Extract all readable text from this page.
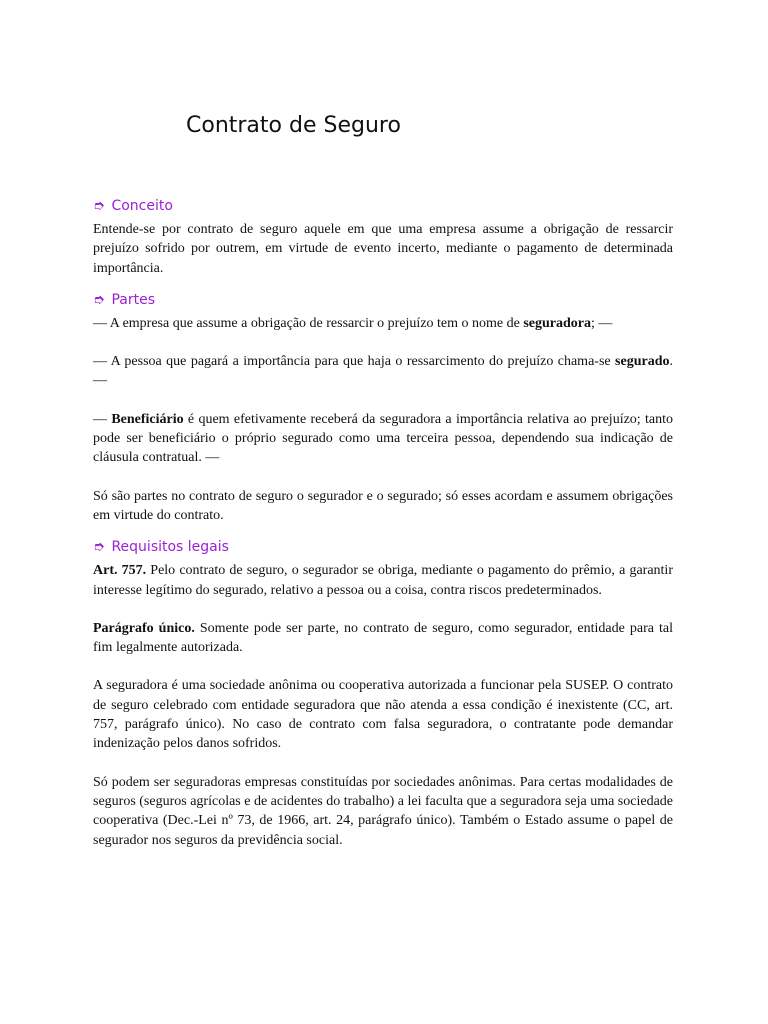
Contrato de Seguro
➮ Conceito

Entende-se por contrato de seguro aquele em que uma empresa assume a obrigação de ressarcir prejuízo sofrido por outrem, em virtude de evento incerto, mediante o pagamento de determinada importância.

➮ Partes

— A empresa que assume a obrigação de ressarcir o prejuízo tem o nome de seguradora; —

— A pessoa que pagará a importância para que haja o ressarcimento do prejuízo chama-se segurado. —

— Beneficiário é quem efetivamente receberá da seguradora a importância relativa ao prejuízo; tanto pode ser beneficiário o próprio segurado como uma terceira pessoa, dependendo sua indicação de cláusula contratual. —

Só são partes no contrato de seguro o segurador e o segurado; só esses acordam e assumem obrigações em virtude do contrato.

➮ Requisitos legais

Art. 757. Pelo contrato de seguro, o segurador se obriga, mediante o pagamento do prêmio, a garantir interesse legítimo do segurado, relativo a pessoa ou a coisa, contra riscos predeterminados.

Parágrafo único. Somente pode ser parte, no contrato de seguro, como segurador, entidade para tal fim legalmente autorizada.

A seguradora é uma sociedade anônima ou cooperativa autorizada a funcionar pela SUSEP. O contrato de seguro celebrado com entidade seguradora que não atenda a essa condição é inexistente (CC, art. 757, parágrafo único). No caso de contrato com falsa seguradora, o contratante pode demandar indenização pelos danos sofridos.

Só podem ser seguradoras empresas constituídas por sociedades anônimas. Para certas modalidades de seguros (seguros agrícolas e de acidentes do trabalho) a lei faculta que a seguradora seja uma sociedade cooperativa (Dec.-Lei nº 73, de 1966, art. 24, parágrafo único). Também o Estado assume o papel de segurador nos seguros da previdência social.
